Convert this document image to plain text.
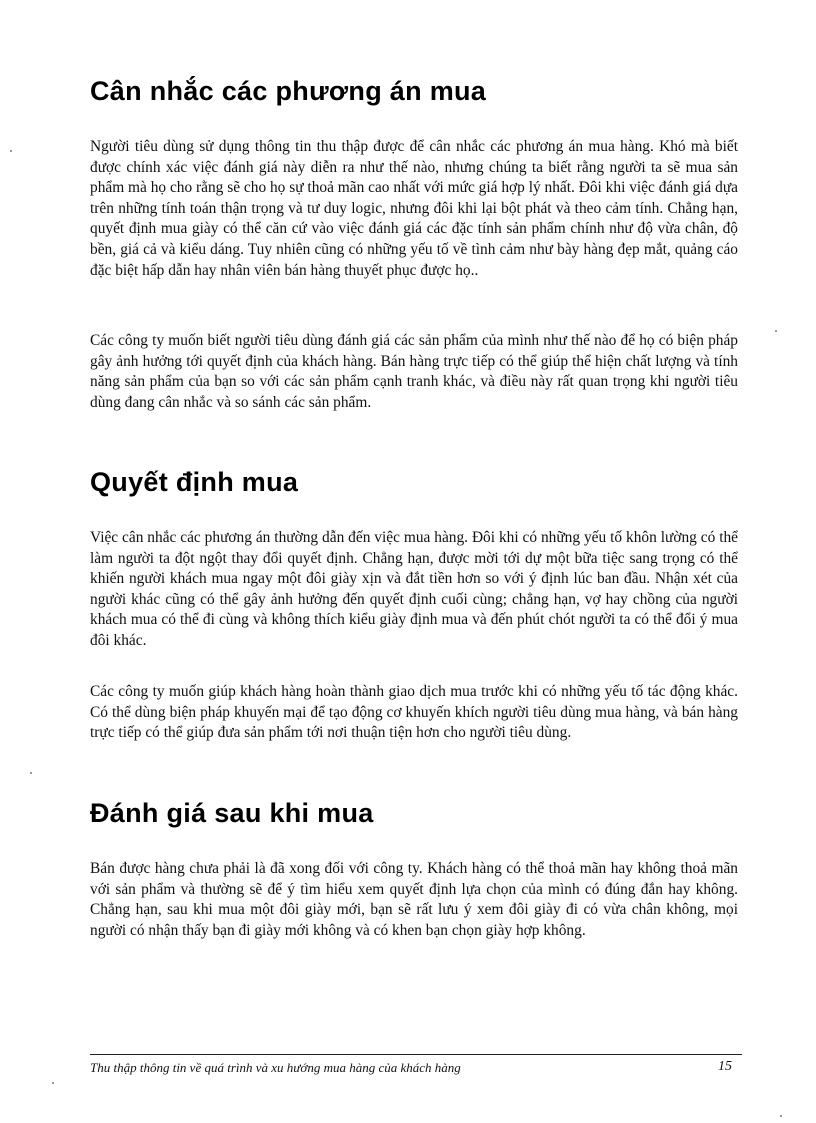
Cân nhắc các phương án mua

Người tiêu dùng sử dụng thông tin thu thập được để cân nhắc các phương án mua hàng. Khó mà biết được chính xác việc đánh giá này diễn ra như thế nào, nhưng chúng ta biết rằng người ta sẽ mua sản phẩm mà họ cho rằng sẽ cho họ sự thoả mãn cao nhất với mức giá hợp lý nhất. Đôi khi việc đánh giá dựa trên những tính toán thận trọng và tư duy logic, nhưng đôi khi lại bột phát và theo cảm tính. Chẳng hạn, quyết định mua giày có thể căn cứ vào việc đánh giá các đặc tính sản phẩm chính như độ vừa chân, độ bền, giá cả và kiểu dáng. Tuy nhiên cũng có những yếu tố về tình cảm như bày hàng đẹp mắt, quảng cáo đặc biệt hấp dẫn hay nhân viên bán hàng thuyết phục được họ..

Các công ty muốn biết người tiêu dùng đánh giá các sản phẩm của mình như thế nào để họ có biện pháp gây ảnh hưởng tới quyết định của khách hàng. Bán hàng trực tiếp có thể giúp thể hiện chất lượng và tính năng sản phẩm của bạn so với các sản phẩm cạnh tranh khác, và điều này rất quan trọng khi người tiêu dùng đang cân nhắc và so sánh các sản phẩm.

Quyết định mua

Việc cân nhắc các phương án thường dẫn đến việc mua hàng. Đôi khi có những yếu tố khôn lường có thể làm người ta đột ngột thay đổi quyết định. Chẳng hạn, được mời tới dự một bữa tiệc sang trọng có thể khiến người khách mua ngay một đôi giày xịn và đắt tiền hơn so với ý định lúc ban đầu. Nhận xét của người khác cũng có thể gây ảnh hưởng đến quyết định cuối cùng; chẳng hạn, vợ hay chồng của người khách mua có thể đi cùng và không thích kiểu giày định mua và đến phút chót người ta có thể đổi ý mua đôi khác.

Các công ty muốn giúp khách hàng hoàn thành giao dịch mua trước khi có những yếu tố tác động khác. Có thể dùng biện pháp khuyến mại để tạo động cơ khuyến khích người tiêu dùng mua hàng, và bán hàng trực tiếp có thể giúp đưa sản phẩm tới nơi thuận tiện hơn cho người tiêu dùng.

Đánh giá sau khi mua

Bán được hàng chưa phải là đã xong đối với công ty. Khách hàng có thể thoả mãn hay không thoả mãn với sản phẩm và thường sẽ để ý tìm hiểu xem quyết định lựa chọn của mình có đúng đắn hay không. Chẳng hạn, sau khi mua một đôi giày mới, bạn sẽ rất lưu ý xem đôi giày đi có vừa chân không, mọi người có nhận thấy bạn đi giày mới không và có khen bạn chọn giày hợp không.

Thu thập thông tin về quá trình và xu hướng mua hàng của khách hàng	15
